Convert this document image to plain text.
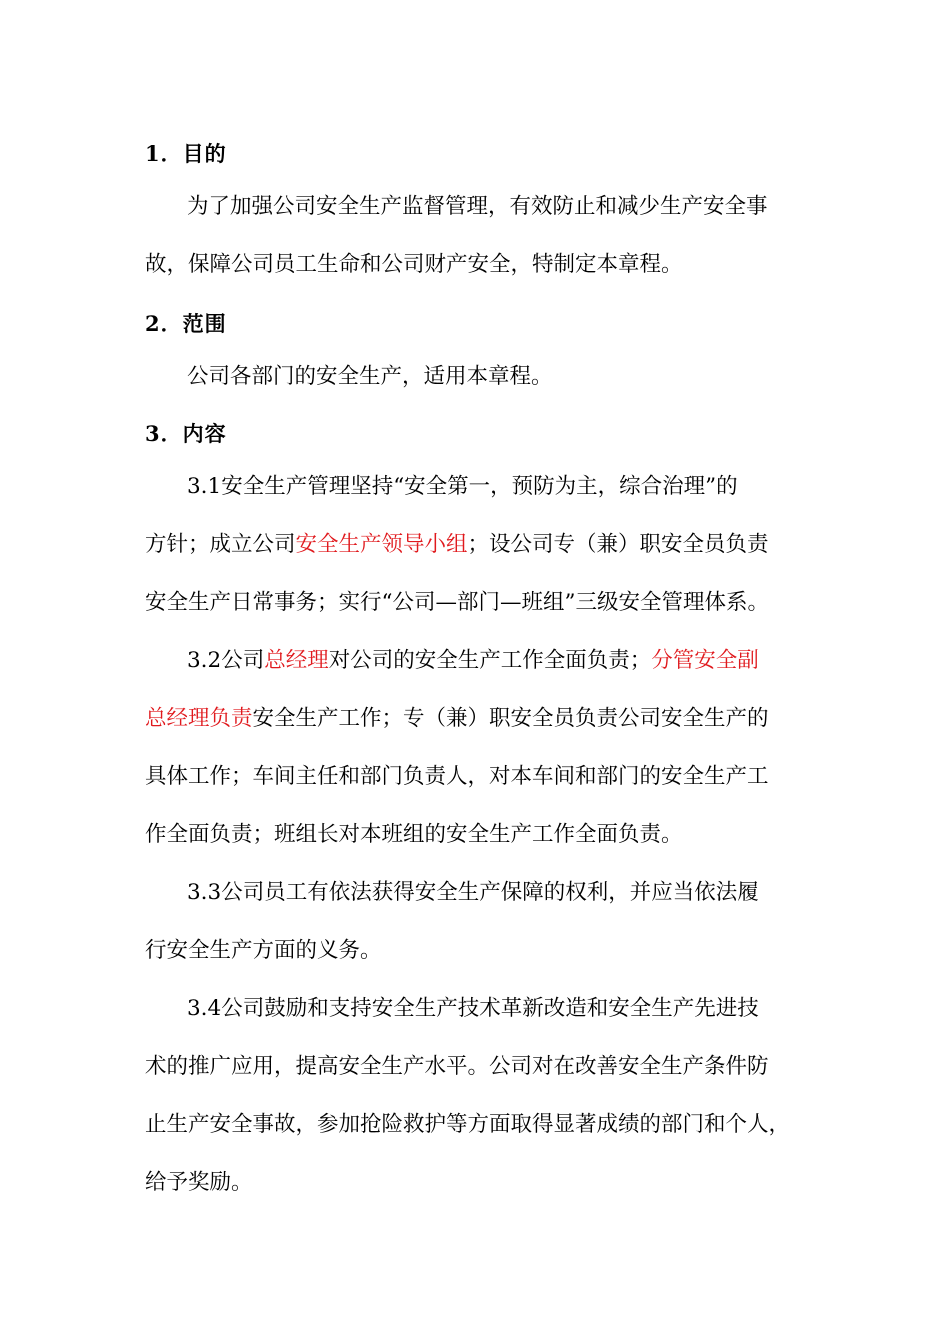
1．目的
为了加强公司安全生产监督管理，有效防止和减少生产安全事
故，保障公司员工生命和公司财产安全，特制定本章程。
2．范围
公司各部门的安全生产，适用本章程。
3．内容
3.1安全生产管理坚持“安全第一，预防为主，综合治理”的
方针；成立公司安全生产领导小组；设公司专（兼）职安全员负责
安全生产日常事务；实行“公司—部门—班组”三级安全管理体系。
3.2公司总经理对公司的安全生产工作全面负责；分管安全副
总经理负责安全生产工作；专（兼）职安全员负责公司安全生产的
具体工作；车间主任和部门负责人，对本车间和部门的安全生产工
作全面负责；班组长对本班组的安全生产工作全面负责。
3.3公司员工有依法获得安全生产保障的权利，并应当依法履
行安全生产方面的义务。
3.4公司鼓励和支持安全生产技术革新改造和安全生产先进技
术的推广应用，提高安全生产水平。公司对在改善安全生产条件防
止生产安全事故，参加抢险救护等方面取得显著成绩的部门和个人，
给予奖励。
